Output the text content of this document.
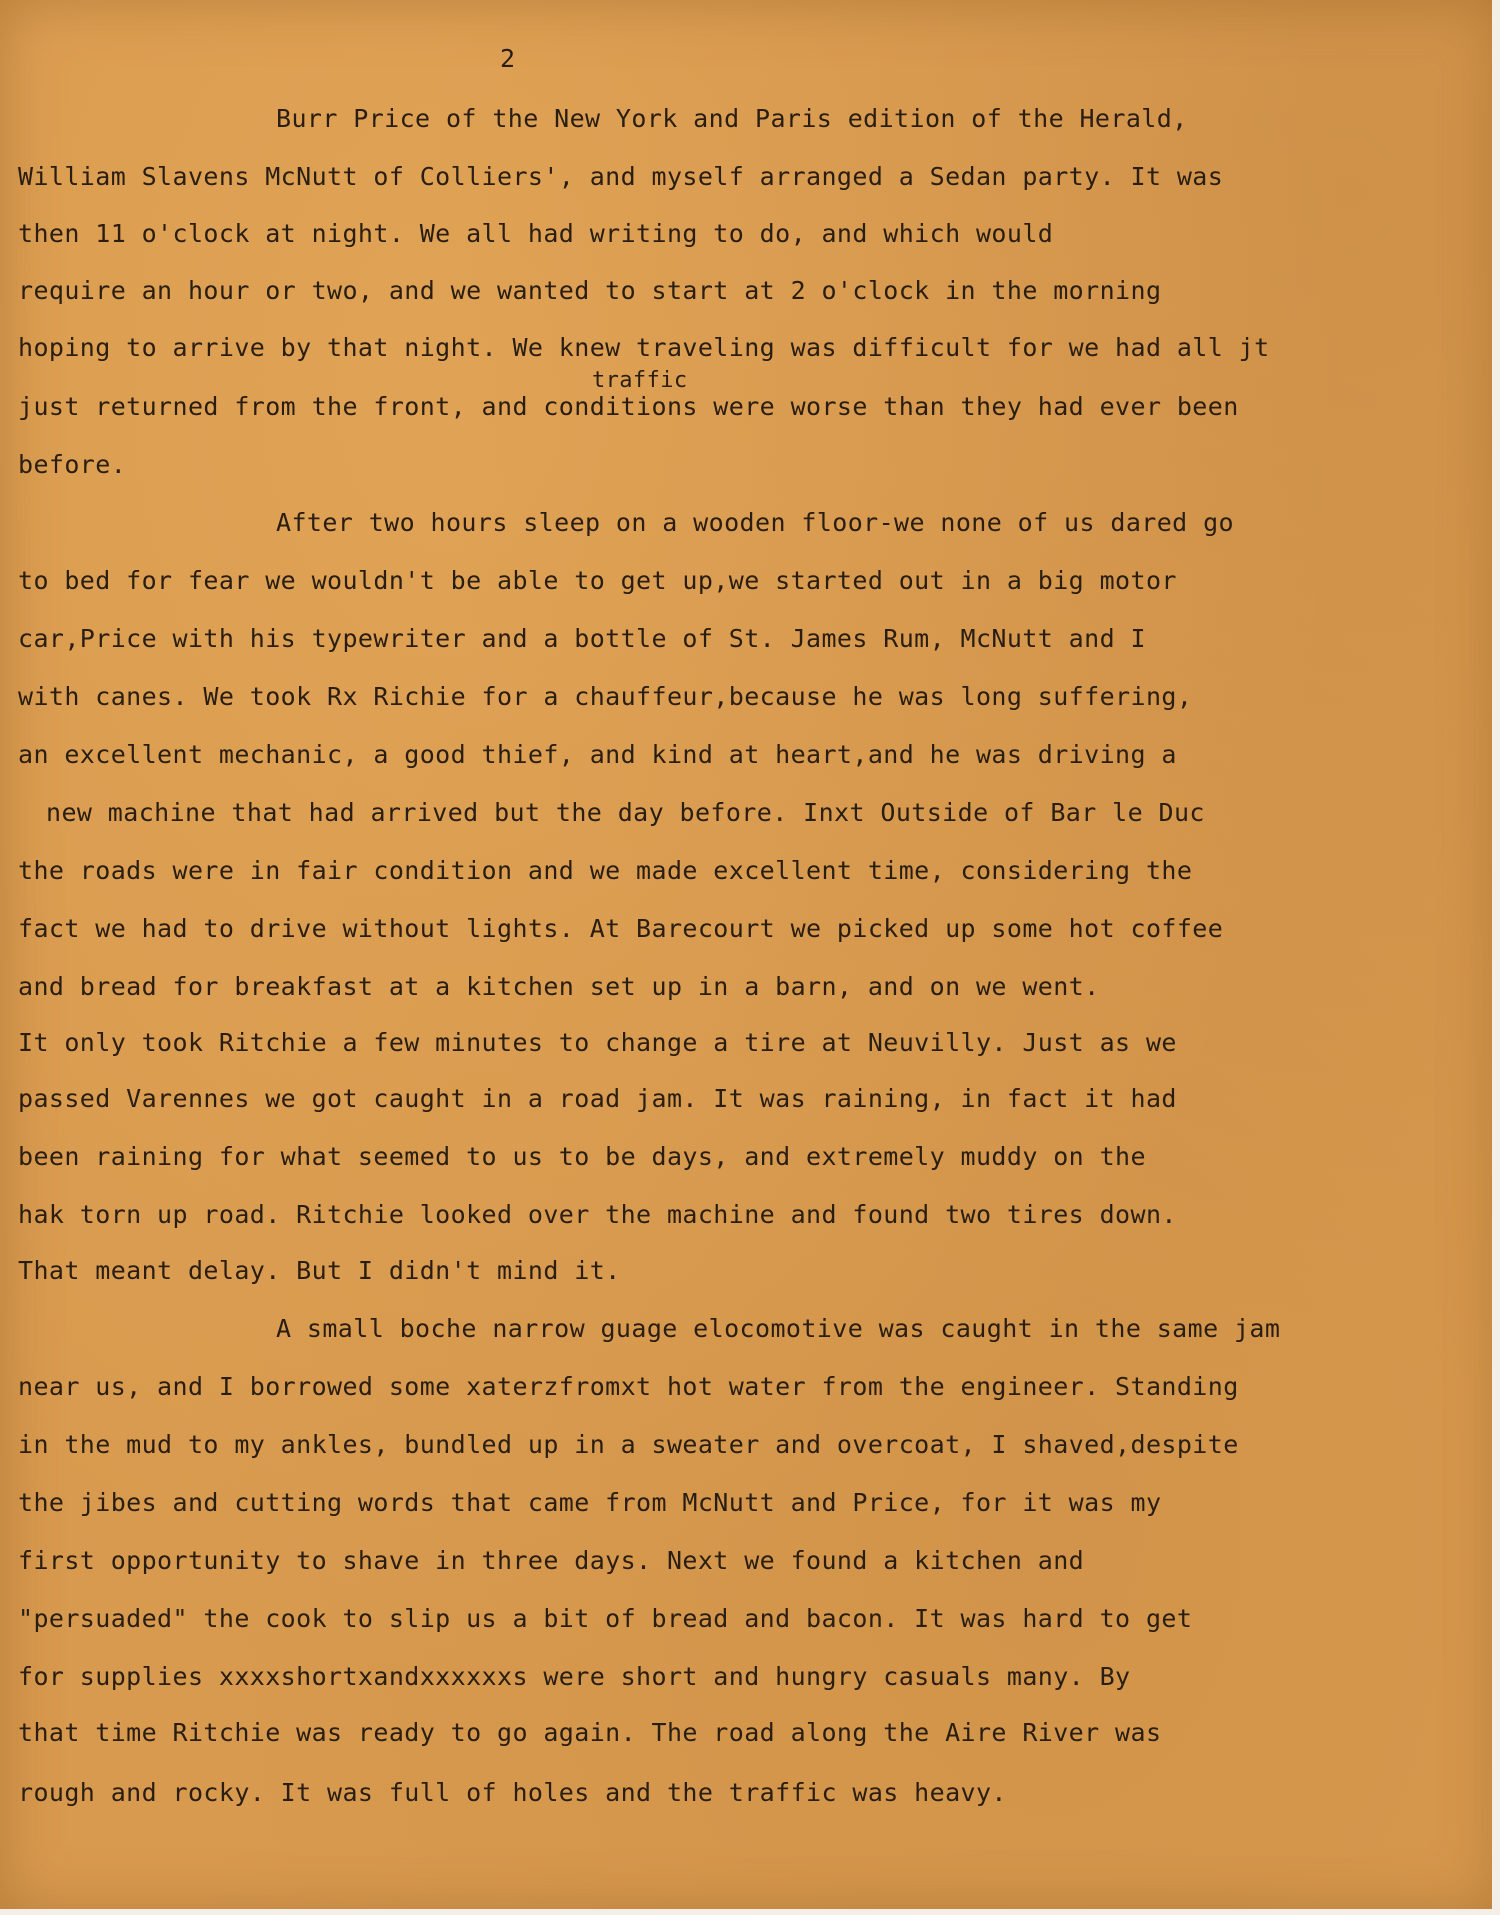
2

Burr Price of the New York and Paris edition of the Herald,

William Slavens McNutt of Colliers', and myself arranged a Sedan party. It was

then 11 o'clock at night. We all had writing to do, and which would

require an hour or two, and we wanted to start at 2 o'clock in the morning

hoping to arrive by that night. We knew traveling was difficult for we had all jt

traffic

just returned from the front, and conditions were worse than they had ever been

before.

After two hours sleep on a wooden floor-we none of us dared go

to bed for fear we wouldn't be able to get up,we started out in a big motor

car,Price with his typewriter and a bottle of St. James Rum, McNutt and I

with canes. We took Rx Richie for a chauffeur,because he was long suffering,

an excellent mechanic, a good thief, and kind at heart,and he was driving a

new machine that had arrived but the day before. Inxt Outside of Bar le Duc

the roads were in fair condition and we made excellent time, considering the

fact we had to drive without lights. At Barecourt we picked up some hot coffee

and bread for breakfast at a kitchen set up in a barn, and on we went.

It only took Ritchie a few minutes to change a tire at Neuvilly. Just as we

passed Varennes we got caught in a road jam. It was raining, in fact it had

been raining for what seemed to us to be days, and extremely muddy on the

hak torn up road. Ritchie looked over the machine and found two tires down.

That meant delay. But I didn't mind it.

A small boche narrow guage elocomotive was caught in the same jam

near us, and I borrowed some xaterzfromxt hot water from the engineer. Standing

in the mud to my ankles, bundled up in a sweater and overcoat, I shaved,despite

the jibes and cutting words that came from McNutt and Price, for it was my

first opportunity to shave in three days. Next we found a kitchen and

"persuaded" the cook to slip us a bit of bread and bacon. It was hard to get

for supplies xxxxshortxandxxxxxxs were short and hungry casuals many. By

that time Ritchie was ready to go again. The road along the Aire River was

rough and rocky. It was full of holes and the traffic was heavy.
